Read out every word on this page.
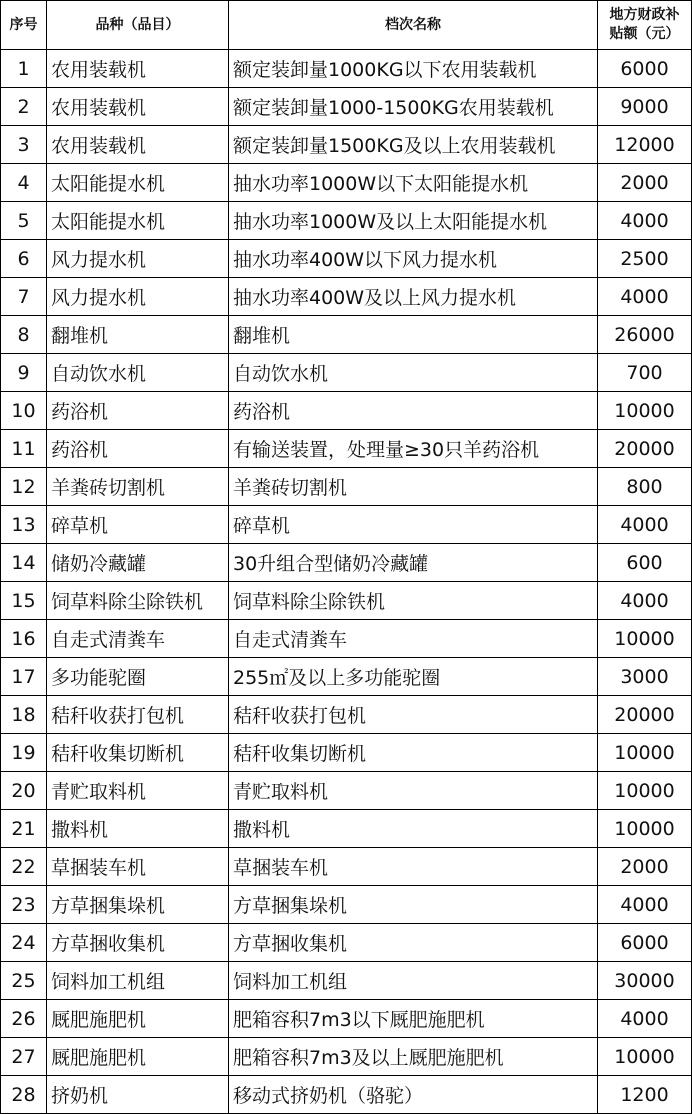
序号	品种（品目）	档次名称	地方财政补
贴额（元）
1	农用装载机	额定装卸量1000KG以下农用装载机	6000
2	农用装载机	额定装卸量1000-1500KG农用装载机	9000
3	农用装载机	额定装卸量1500KG及以上农用装载机	12000
4	太阳能提水机	抽水功率1000W以下太阳能提水机	2000
5	太阳能提水机	抽水功率1000W及以上太阳能提水机	4000
6	风力提水机	抽水功率400W以下风力提水机	2500
7	风力提水机	抽水功率400W及以上风力提水机	4000
8	翻堆机	翻堆机	26000
9	自动饮水机	自动饮水机	700
10	药浴机	药浴机	10000
11	药浴机	有输送装置，处理量≥30只羊药浴机	20000
12	羊粪砖切割机	羊粪砖切割机	800
13	碎草机	碎草机	4000
14	储奶冷藏罐	30升组合型储奶冷藏罐	600
15	饲草料除尘除铁机	饲草料除尘除铁机	4000
16	自走式清粪车	自走式清粪车	10000
17	多功能驼圈	255㎡及以上多功能驼圈	3000
18	秸秆收获打包机	秸秆收获打包机	20000
19	秸秆收集切断机	秸秆收集切断机	10000
20	青贮取料机	青贮取料机	10000
21	撒料机	撒料机	10000
22	草捆装车机	草捆装车机	2000
23	方草捆集垛机	方草捆集垛机	4000
24	方草捆收集机	方草捆收集机	6000
25	饲料加工机组	饲料加工机组	30000
26	厩肥施肥机	肥箱容积7m3以下厩肥施肥机	4000
27	厩肥施肥机	肥箱容积7m3及以上厩肥施肥机	10000
28	挤奶机	移动式挤奶机（骆驼）	1200
